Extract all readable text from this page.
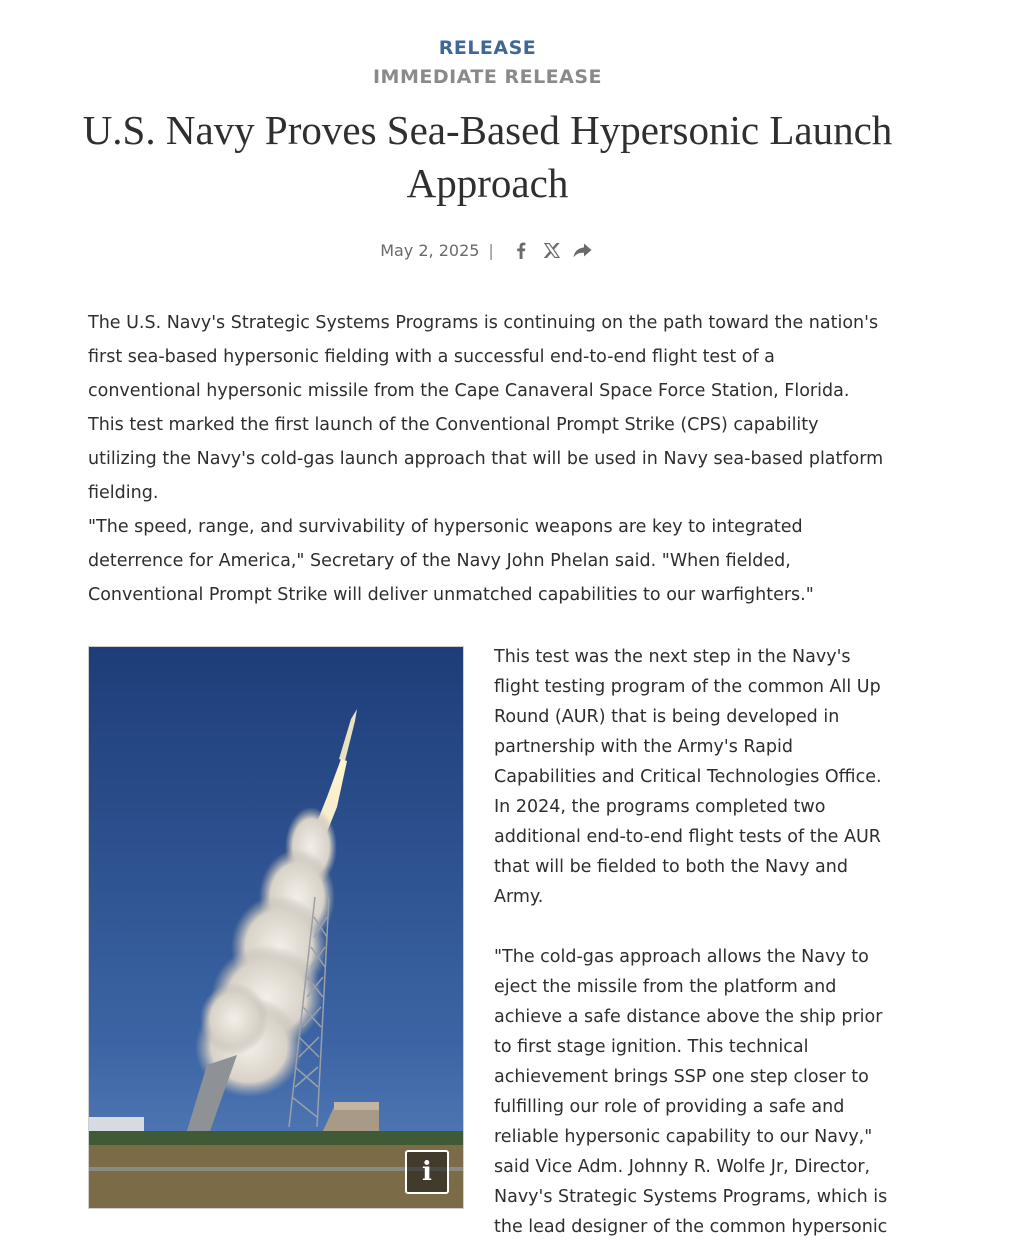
RELEASE
IMMEDIATE RELEASE
U.S. Navy Proves Sea-Based Hypersonic Launch Approach
May 2, 2025 |

The U.S. Navy's Strategic Systems Programs is continuing on the path toward the nation's first sea-based hypersonic fielding with a successful end-to-end flight test of a conventional hypersonic missile from the Cape Canaveral Space Force Station, Florida. This test marked the first launch of the Conventional Prompt Strike (CPS) capability utilizing the Navy's cold-gas launch approach that will be used in Navy sea-based platform fielding.

"The speed, range, and survivability of hypersonic weapons are key to integrated deterrence for America," Secretary of the Navy John Phelan said. "When fielded, Conventional Prompt Strike will deliver unmatched capabilities to our warfighters."

i

This test was the next step in the Navy's flight testing program of the common All Up Round (AUR) that is being developed in partnership with the Army's Rapid Capabilities and Critical Technologies Office. In 2024, the programs completed two additional end-to-end flight tests of the AUR that will be fielded to both the Navy and Army.

"The cold-gas approach allows the Navy to eject the missile from the platform and achieve a safe distance above the ship prior to first stage ignition. This technical achievement brings SSP one step closer to fulfilling our role of providing a safe and reliable hypersonic capability to our Navy," said Vice Adm. Johnny R. Wolfe Jr, Director, Navy's Strategic Systems Programs, which is the lead designer of the common hypersonic
